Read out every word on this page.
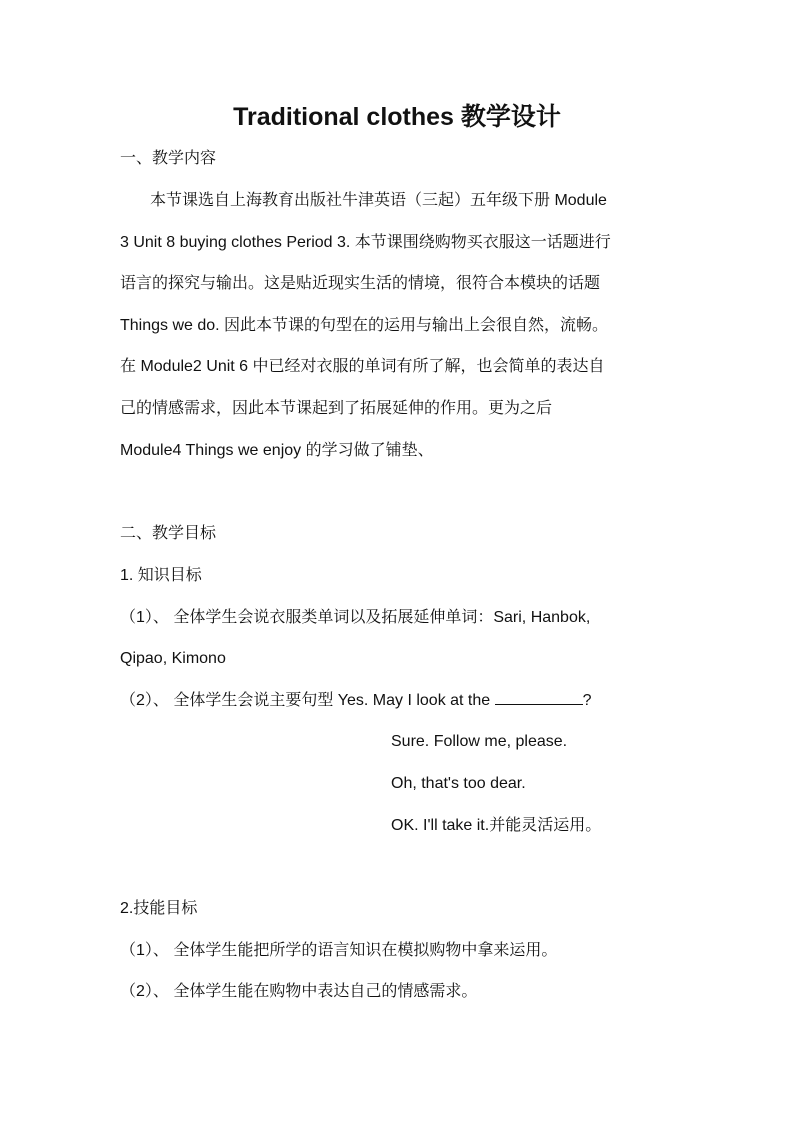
Traditional clothes 教学设计
一、教学内容
本节课选自上海教育出版社牛津英语（三起）五年级下册 Module
3 Unit 8 buying clothes Period 3. 本节课围绕购物买衣服这一话题进行
语言的探究与输出。这是贴近现实生活的情境，很符合本模块的话题
Things we do. 因此本节课的句型在的运用与输出上会很自然，流畅。
在 Module2 Unit 6 中已经对衣服的单词有所了解，也会简单的表达自
己的情感需求，因此本节课起到了拓展延伸的作用。更为之后
Module4 Things we enjoy 的学习做了铺垫、
二、教学目标
1. 知识目标
（1）、 全体学生会说衣服类单词以及拓展延伸单词：Sari, Hanbok,
Qipao, Kimono
（2）、 全体学生会说主要句型 Yes. May I look at the	?
Sure. Follow me, please.
Oh, that's too dear.
OK. I'll take it.并能灵活运用。
2.技能目标
（1）、 全体学生能把所学的语言知识在模拟购物中拿来运用。
（2）、 全体学生能在购物中表达自己的情感需求。
